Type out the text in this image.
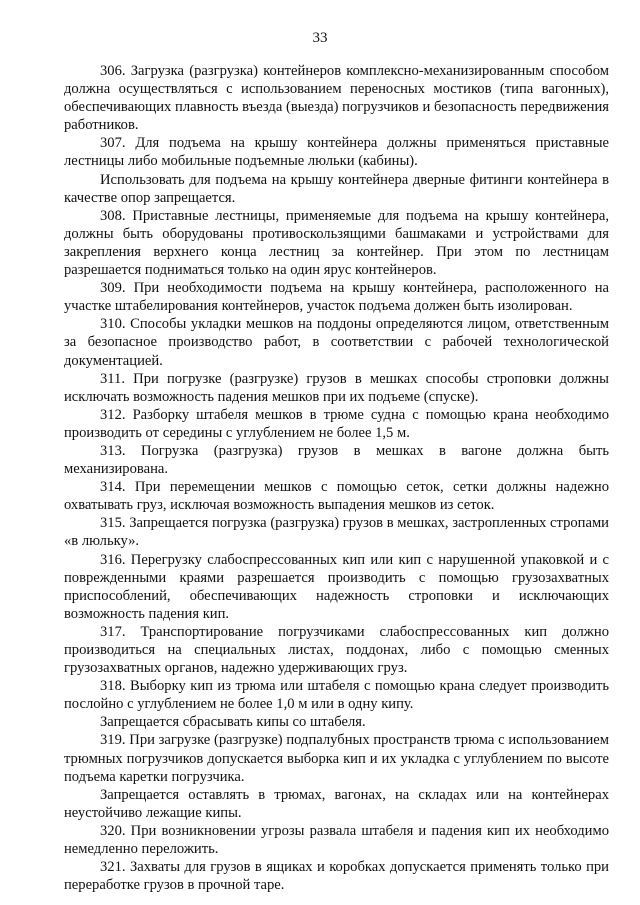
33

306. Загрузка (разгрузка) контейнеров комплексно-механизированным способом должна осуществляться с использованием переносных мостиков (типа вагонных), обеспечивающих плавность въезда (выезда) погрузчиков и безопасность передвижения работников.

307. Для подъема на крышу контейнера должны применяться приставные лестницы либо мобильные подъемные люльки (кабины).

Использовать для подъема на крышу контейнера дверные фитинги контейнера в качестве опор запрещается.

308. Приставные лестницы, применяемые для подъема на крышу контейнера, должны быть оборудованы противоскользящими башмаками и устройствами для закрепления верхнего конца лестниц за контейнер. При этом по лестницам разрешается подниматься только на один ярус контейнеров.

309. При необходимости подъема на крышу контейнера, расположенного на участке штабелирования контейнеров, участок подъема должен быть изолирован.

310. Способы укладки мешков на поддоны определяются лицом, ответственным за безопасное производство работ, в соответствии с рабочей технологической документацией.

311. При погрузке (разгрузке) грузов в мешках способы строповки должны исключать возможность падения мешков при их подъеме (спуске).

312. Разборку штабеля мешков в трюме судна с помощью крана необходимо производить от середины с углублением не более 1,5 м.

313. Погрузка (разгрузка) грузов в мешках в вагоне должна быть механизирована.

314. При перемещении мешков с помощью сеток, сетки должны надежно охватывать груз, исключая возможность выпадения мешков из сеток.

315. Запрещается погрузка (разгрузка) грузов в мешках, застропленных стропами «в люльку».

316. Перегрузку слабоспрессованных кип или кип с нарушенной упаковкой и с поврежденными краями разрешается производить с помощью грузозахватных приспособлений, обеспечивающих надежность строповки и исключающих возможность падения кип.

317. Транспортирование погрузчиками слабоспрессованных кип должно производиться на специальных листах, поддонах, либо с помощью сменных грузозахватных органов, надежно удерживающих груз.

318. Выборку кип из трюма или штабеля с помощью крана следует производить послойно с углублением не более 1,0 м или в одну кипу.

Запрещается сбрасывать кипы со штабеля.

319. При загрузке (разгрузке) подпалубных пространств трюма с использованием трюмных погрузчиков допускается выборка кип и их укладка с углублением по высоте подъема каретки погрузчика.

Запрещается оставлять в трюмах, вагонах, на складах или на контейнерах неустойчиво лежащие кипы.

320. При возникновении угрозы развала штабеля и падения кип их необходимо немедленно переложить.

321. Захваты для грузов в ящиках и коробках допускается применять только при переработке грузов в прочной таре.
